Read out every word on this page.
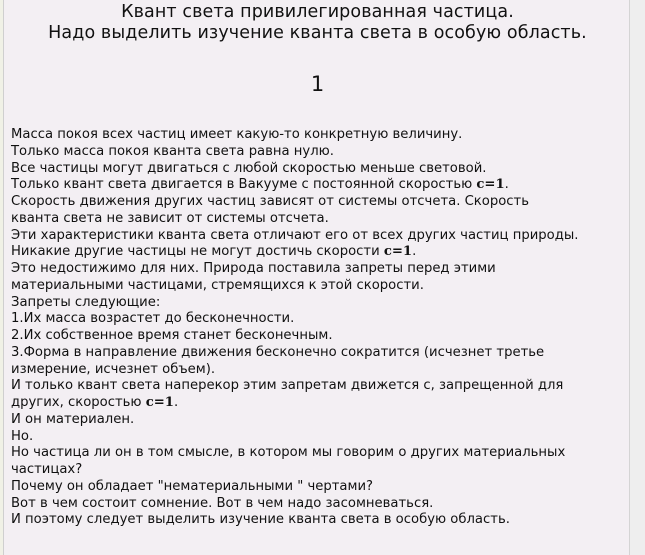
Квант света привилегированная частица.
Надо выделить изучение кванта света в особую область.
1
Масса покоя всех частиц имеет какую-то конкретную величину.
Только масса покоя кванта света равна нулю.
Все частицы могут двигаться с любой скоростью меньше световой.
Только квант света двигается в Вакууме с постоянной скоростью c=1.
Скорость движения других частиц зависят от системы отсчета. Скорость
кванта света не зависит от системы отсчета.
Эти характеристики кванта света отличают его от всех других частиц природы.
Никакие другие частицы не могут достичь скорости c=1.
Это недостижимо для них. Природа поставила запреты перед этими
материальными частицами, стремящихся к этой скорости.
Запреты следующие:
1.Их масса возрастет до бесконечности.
2.Их собственное время станет бесконечным.
3.Форма в направление движения бесконечно сократится (исчезнет третье
измерение, исчезнет объем).
И только квант света наперекор этим запретам движется с, запрещенной для
других, скоростью c=1.
И он материален.
Но.
Но частица ли он в том смысле, в котором мы говорим о других материальных
частицах?
Почему он обладает "нематериальными " чертами?
Вот в чем состоит сомнение. Вот в чем надо засомневаться.
И поэтому следует выделить изучение кванта света в особую область.
